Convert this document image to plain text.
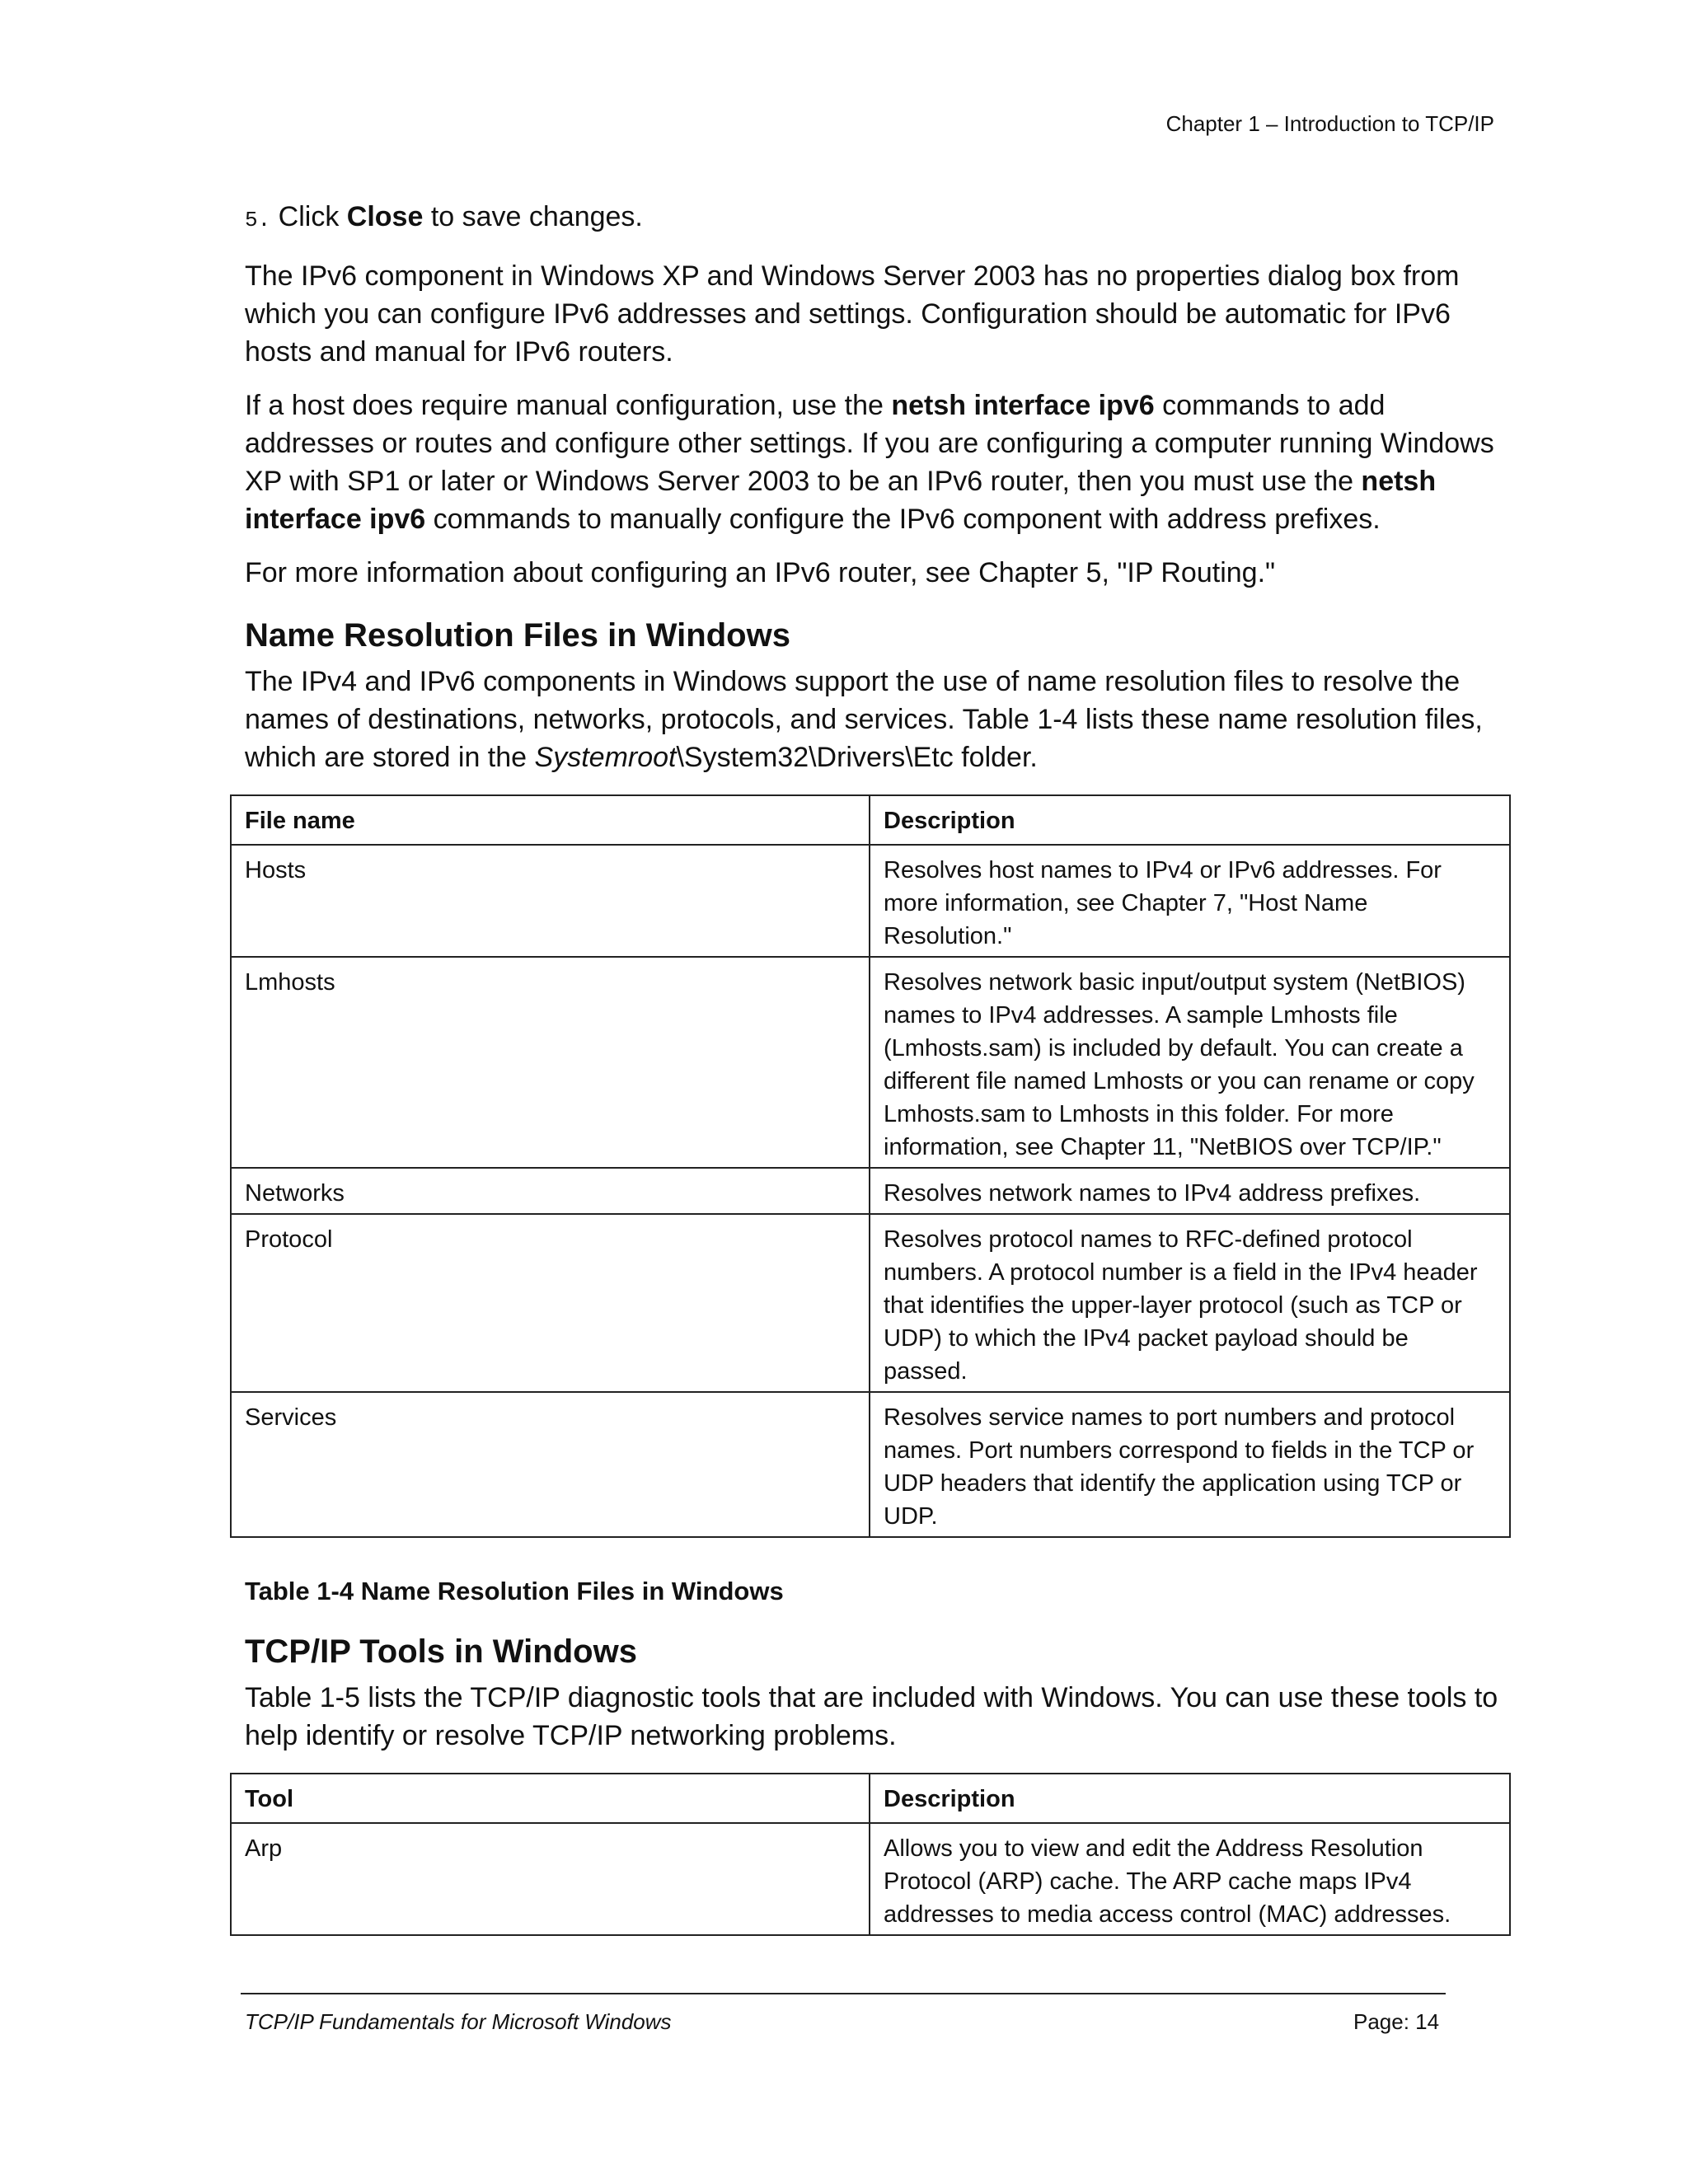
Chapter 1 – Introduction to TCP/IP

5. Click Close to save changes.

The IPv6 component in Windows XP and Windows Server 2003 has no properties dialog box from which you can configure IPv6 addresses and settings. Configuration should be automatic for IPv6 hosts and manual for IPv6 routers.

If a host does require manual configuration, use the netsh interface ipv6 commands to add addresses or routes and configure other settings. If you are configuring a computer running Windows XP with SP1 or later or Windows Server 2003 to be an IPv6 router, then you must use the netsh interface ipv6 commands to manually configure the IPv6 component with address prefixes.

For more information about configuring an IPv6 router, see Chapter 5, "IP Routing."

Name Resolution Files in Windows

The IPv4 and IPv6 components in Windows support the use of name resolution files to resolve the names of destinations, networks, protocols, and services. Table 1-4 lists these name resolution files, which are stored in the Systemroot\System32\Drivers\Etc folder.

File name	Description
Hosts	Resolves host names to IPv4 or IPv6 addresses. For more information, see Chapter 7, "Host Name Resolution."
Lmhosts	Resolves network basic input/output system (NetBIOS) names to IPv4 addresses. A sample Lmhosts file (Lmhosts.sam) is included by default. You can create a different file named Lmhosts or you can rename or copy Lmhosts.sam to Lmhosts in this folder. For more information, see Chapter 11, "NetBIOS over TCP/IP."
Networks	Resolves network names to IPv4 address prefixes.
Protocol	Resolves protocol names to RFC-defined protocol numbers. A protocol number is a field in the IPv4 header that identifies the upper-layer protocol (such as TCP or UDP) to which the IPv4 packet payload should be passed.
Services	Resolves service names to port numbers and protocol names. Port numbers correspond to fields in the TCP or UDP headers that identify the application using TCP or UDP.
Table 1-4 Name Resolution Files in Windows
TCP/IP Tools in Windows

Table 1-5 lists the TCP/IP diagnostic tools that are included with Windows. You can use these tools to help identify or resolve TCP/IP networking problems.

Tool	Description
Arp	Allows you to view and edit the Address Resolution Protocol (ARP) cache. The ARP cache maps IPv4 addresses to media access control (MAC) addresses.
TCP/IP Fundamentals for Microsoft Windows	Page: 14
